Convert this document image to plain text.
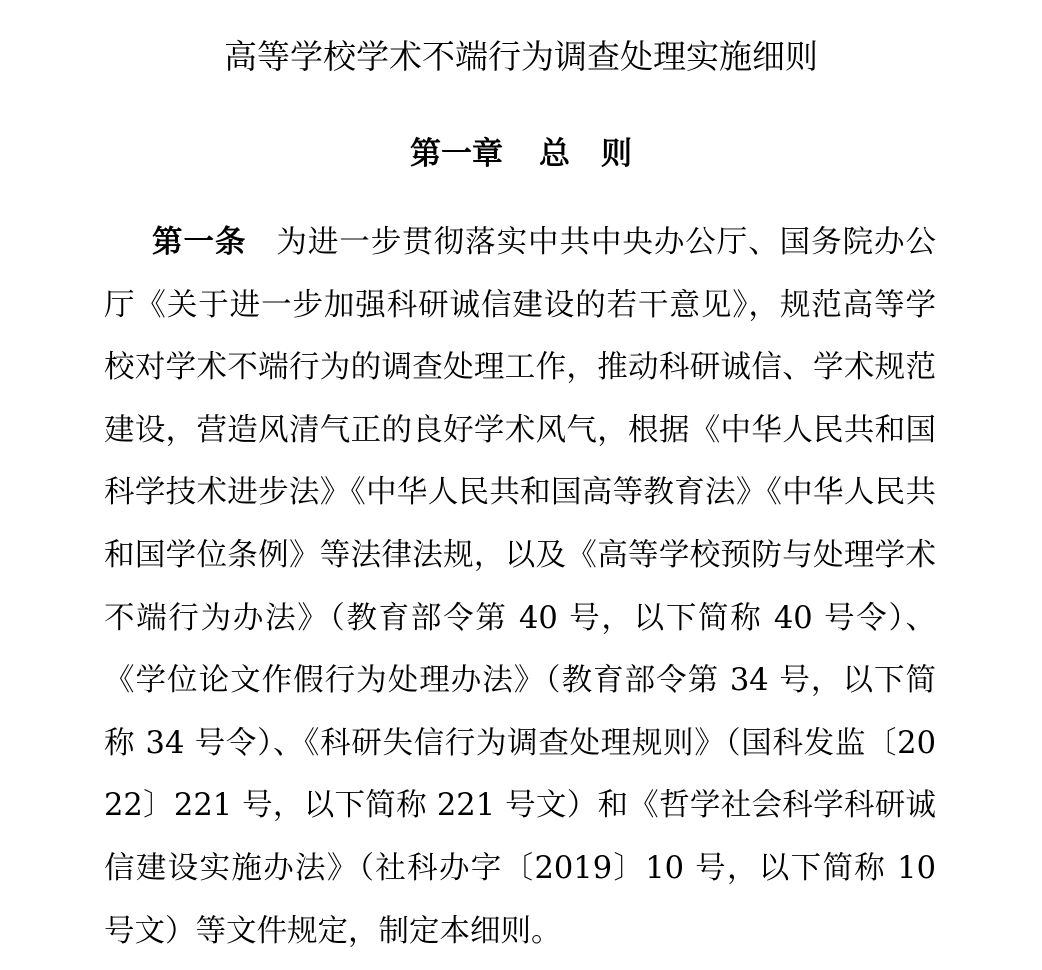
高等学校学术不端行为调查处理实施细则
第一章 总　则

第一条 为进一步贯彻落实中共中央办公厅、国务院办公厅《关于进一步加强科研诚信建设的若干意见》，规范高等学校对学术不端行为的调查处理工作，推动科研诚信、学术规范建设，营造风清气正的良好学术风气，根据《中华人民共和国科学技术进步法》《中华人民共和国高等教育法》《中华人民共和国学位条例》等法律法规，以及《高等学校预防与处理学术不端行为办法》（教育部令第 40 号，以下简称 40 号令）、《学位论文作假行为处理办法》（教育部令第 34 号，以下简称 34 号令）、《科研失信行为调查处理规则》（国科发监〔2022〕221 号，以下简称 221 号文）和《哲学社会科学科研诚信建设实施办法》（社科办字〔2019〕10 号，以下简称 10 号文）等文件规定，制定本细则。
